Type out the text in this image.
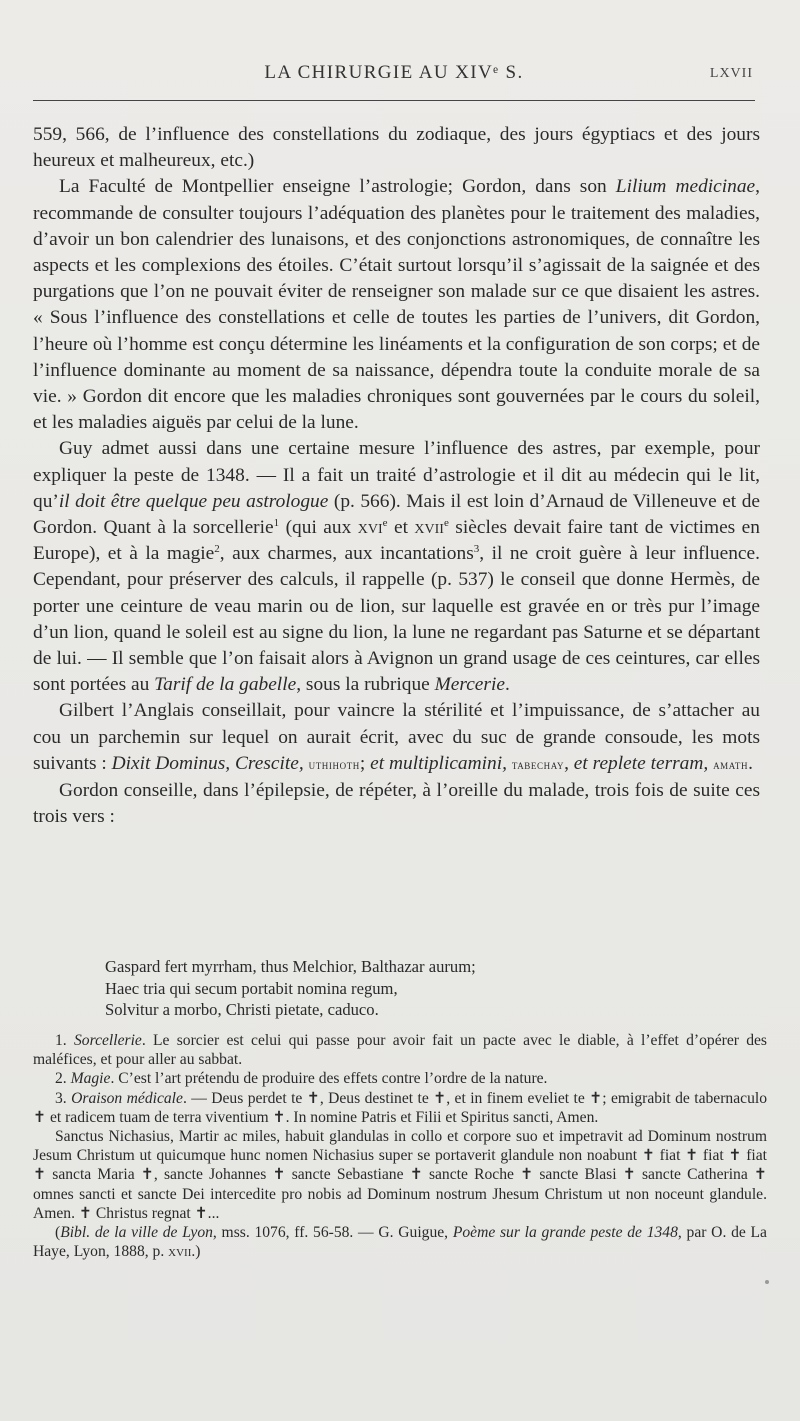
LA CHIRURGIE AU XIVᵉ S.	LXVII

559, 566, de l’influence des constellations du zodiaque, des jours égyptiacs et des jours heureux et malheureux, etc.)

La Faculté de Montpellier enseigne l’astrologie; Gordon, dans son Lilium medicinae, recommande de consulter toujours l’adéquation des planètes pour le traitement des maladies, d’avoir un bon calendrier des lunaisons, et des conjonctions astronomiques, de connaître les aspects et les complexions des étoiles. C’était surtout lorsqu’il s’agissait de la saignée et des purgations que l’on ne pouvait éviter de renseigner son malade sur ce que disaient les astres. « Sous l’influence des constellations et celle de toutes les parties de l’univers, dit Gordon, l’heure où l’homme est conçu détermine les linéaments et la configuration de son corps; et de l’influence dominante au moment de sa naissance, dépendra toute la conduite morale de sa vie. » Gordon dit encore que les maladies chroniques sont gouvernées par le cours du soleil, et les maladies aiguës par celui de la lune.

Guy admet aussi dans une certaine mesure l’influence des astres, par exemple, pour expliquer la peste de 1348. — Il a fait un traité d’astrologie et il dit au médecin qui le lit, qu’il doit être quelque peu astrologue (p. 566). Mais il est loin d’Arnaud de Villeneuve et de Gordon. Quant à la sorcellerie$^1$ (qui aux xvi$^e$ et xvii$^e$ siècles devait faire tant de victimes en Europe), et à la magie$^2$, aux charmes, aux incantations$^3$, il ne croit guère à leur influence. Cependant, pour préserver des calculs, il rappelle (p. 537) le conseil que donne Hermès, de porter une ceinture de veau marin ou de lion, sur laquelle est gravée en or très pur l’image d’un lion, quand le soleil est au signe du lion, la lune ne regardant pas Saturne et se départant de lui. — Il semble que l’on faisait alors à Avignon un grand usage de ces ceintures, car elles sont portées au Tarif de la gabelle, sous la rubrique Mercerie.

Gilbert l’Anglais conseillait, pour vaincre la stérilité et l’impuissance, de s’attacher au cou un parchemin sur lequel on aurait écrit, avec du suc de grande consoude, les mots suivants : Dixit Dominus, Crescite, uthihoth; et multiplicamini, tabechay, et replete terram, amath.

Gordon conseille, dans l’épilepsie, de répéter, à l’oreille du malade, trois fois de suite ces trois vers :

Gaspard fert myrrham, thus Melchior, Balthazar aurum;
Haec tria qui secum portabit nomina regum,
Solvitur a morbo, Christi pietate, caduco.

1. Sorcellerie. Le sorcier est celui qui passe pour avoir fait un pacte avec le diable, à l’effet d’opérer des maléfices, et pour aller au sabbat.

2. Magie. C’est l’art prétendu de produire des effets contre l’ordre de la nature.

3. Oraison médicale. — Deus perdet te ✝, Deus destinet te ✝, et in finem eveliet te ✝; emigrabit de tabernaculo ✝ et radicem tuam de terra viventium ✝. In nomine Patris et Filii et Spiritus sancti, Amen.

Sanctus Nichasius, Martir ac miles, habuit glandulas in collo et corpore suo et impetravit ad Dominum nostrum Jesum Christum ut quicumque hunc nomen Nichasius super se portaverit glandule non noabunt ✝ fiat ✝ fiat ✝ fiat ✝ sancta Maria ✝, sancte Johannes ✝ sancte Sebastiane ✝ sancte Roche ✝ sancte Blasi ✝ sancte Catherina ✝ omnes sancti et sancte Dei intercedite pro nobis ad Dominum nostrum Jhesum Christum ut non noceunt glandule. Amen. ✝ Christus regnat ✝...

(Bibl. de la ville de Lyon, mss. 1076, ff. 56-58. — G. Guigue, Poème sur la grande peste de 1348, par O. de La Haye, Lyon, 1888, p. xvii.)
